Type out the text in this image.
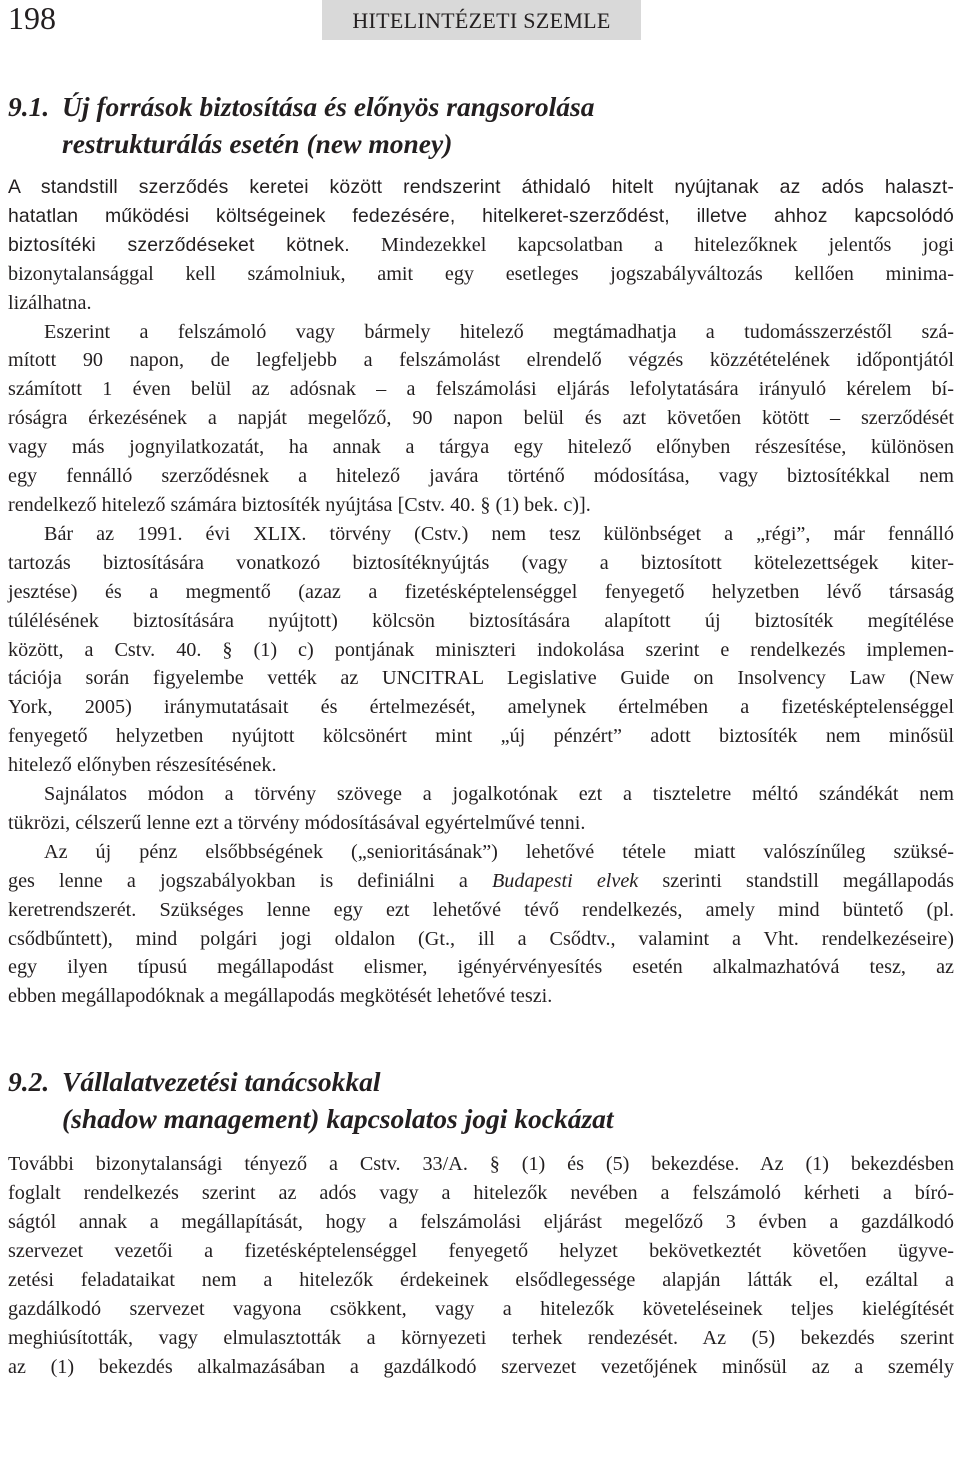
198	HITELINTÉZETI SZEMLE
9.1. Új források biztosítása és előnyös rangsorolása
restrukturálás esetén (new money)

A standstill szerződés keretei között rendszerint áthidaló hitelt nyújtanak az adós halaszt-
hatatlan működési költségeinek fedezésére, hitelkeret-szerződést, illetve ahhoz kapcsolódó
biztosítéki szerződéseket kötnek. Mindezekkel kapcsolatban a hitelezőknek jelentős jogi
bizonytalansággal kell számolniuk, amit egy esetleges jogszabályváltozás kellően minima-
lizálhatna.

Eszerint a felszámoló vagy bármely hitelező megtámadhatja a tudomásszerzéstől szá-
mított 90 napon, de legfeljebb a felszámolást elrendelő végzés közzétételének időpontjától
számított 1 éven belül az adósnak – a felszámolási eljárás lefolytatására irányuló kérelem bí-
róságra érkezésének a napját megelőző, 90 napon belül és azt követően kötött – szerződését
vagy más jognyilatkozatát, ha annak a tárgya egy hitelező előnyben részesítése, különösen
egy fennálló szerződésnek a hitelező javára történő módosítása, vagy biztosítékkal nem
rendelkező hitelező számára biztosíték nyújtása [Cstv. 40. § (1) bek. c)].

Bár az 1991. évi XLIX. törvény (Cstv.) nem tesz különbséget a „régi”, már fennálló
tartozás biztosítására vonatkozó biztosítéknyújtás (vagy a biztosított kötelezettségek kiter-
jesztése) és a megmentő (azaz a fizetésképtelenséggel fenyegető helyzetben lévő társaság
túlélésének biztosítására nyújtott) kölcsön biztosítására alapított új biztosíték megítélése
között, a Cstv. 40. § (1) c) pontjának miniszteri indokolása szerint e rendelkezés implemen-
tációja során figyelembe vették az UNCITRAL Legislative Guide on Insolvency Law (New
York, 2005) iránymutatásait és értelmezését, amelynek értelmében a fizetésképtelenséggel
fenyegető helyzetben nyújtott kölcsönért mint „új pénzért” adott biztosíték nem minősül
hitelező előnyben részesítésének.

Sajnálatos módon a törvény szövege a jogalkotónak ezt a tiszteletre méltó szándékát nem
tükrözi, célszerű lenne ezt a törvény módosításával egyértelművé tenni.

Az új pénz elsőbbségének („senioritásának”) lehetővé tétele miatt valószínűleg szüksé-
ges lenne a jogszabályokban is definiálni a Budapesti elvek szerinti standstill megállapodás
keretrendszerét. Szükséges lenne egy ezt lehetővé tévő rendelkezés, amely mind büntető (pl.
csődbűntett), mind polgári jogi oldalon (Gt., ill a Csődtv., valamint a Vht. rendelkezéseire)
egy ilyen típusú megállapodást elismer, igényérvényesítés esetén alkalmazhatóvá tesz, az
ebben megállapodóknak a megállapodás megkötését lehetővé teszi.

9.2. Vállalatvezetési tanácsokkal
(shadow management) kapcsolatos jogi kockázat

További bizonytalansági tényező a Cstv. 33/A. § (1) és (5) bekezdése. Az (1) bekezdésben
foglalt rendelkezés szerint az adós vagy a hitelezők nevében a felszámoló kérheti a bíró-
ságtól annak a megállapítását, hogy a felszámolási eljárást megelőző 3 évben a gazdálkodó
szervezet vezetői a fizetésképtelenséggel fenyegető helyzet bekövetkeztét követően ügyve-
zetési feladataikat nem a hitelezők érdekeinek elsődlegessége alapján látták el, ezáltal a
gazdálkodó szervezet vagyona csökkent, vagy a hitelezők követeléseinek teljes kielégítését
meghiúsították, vagy elmulasztották a környezeti terhek rendezését. Az (5) bekezdés szerint
az (1) bekezdés alkalmazásában a gazdálkodó szervezet vezetőjének minősül az a személy
